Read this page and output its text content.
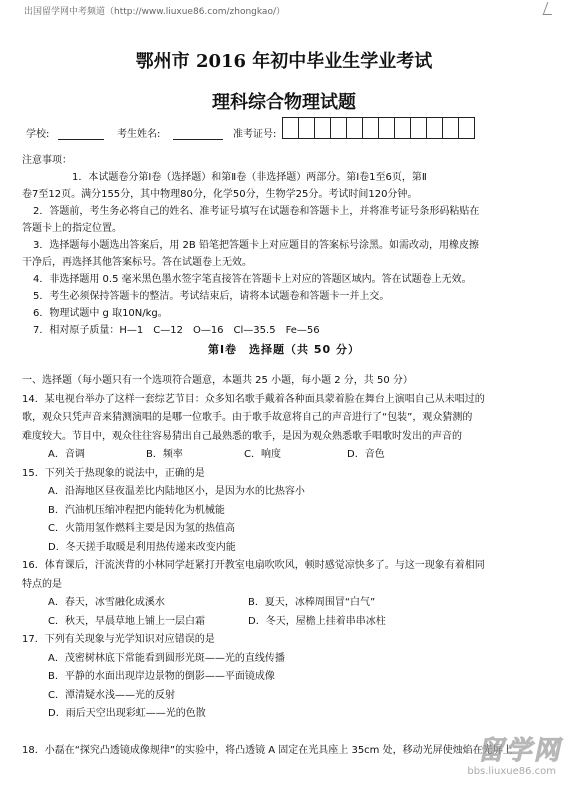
出国留学网中考频道（http://www.liuxue86.com/zhongkao/）
鄂州市 2016 年初中毕业生学业考试
理科综合物理试题
学校:	考生姓名:	准考证号:

注意事项：

1．本试题卷分第Ⅰ卷（选择题）和第Ⅱ卷（非选择题）两部分。第Ⅰ卷1至6页，第Ⅱ

卷7至12页。满分155分，其中物理80分，化学50分，生物学25分。考试时间120分钟。

2．答题前，考生务必将自己的姓名、准考证号填写在试题卷和答题卡上，并将准考证号条形码粘贴在

答题卡上的指定位置。

3．选择题每小题选出答案后，用 2B 铅笔把答题卡上对应题目的答案标号涂黑。如需改动，用橡皮擦

干净后，再选择其他答案标号。答在试题卷上无效。

4．非选择题用 0.5 毫米黑色墨水签字笔直接答在答题卡上对应的答题区域内。答在试题卷上无效。

5．考生必须保持答题卡的整洁。考试结束后，请将本试题卷和答题卡一并上交。

6．物理试题中 g 取10N/kg。

7．相对原子质量：H—1　C—12　O—16　Cl—35.5　Fe—56

第Ⅰ卷　选择题（共 50 分）

一、选择题（每小题只有一个选项符合题意，本题共 25 小题，每小题 2 分，共 50 分）

14．某电视台举办了这样一套综艺节目：众多知名歌手戴着各种面具蒙着脸在舞台上演唱自己从未唱过的

歌，观众只凭声音来猜测演唱的是哪一位歌手。由于歌手故意将自己的声音进行了“包装”，观众猜测的

难度较大。节目中，观众往往容易猜出自己最熟悉的歌手，是因为观众熟悉歌手唱歌时发出的声音的

A．音调	B．频率	C．响度	D．音色

15．下列关于热现象的说法中，正确的是

A．沿海地区昼夜温差比内陆地区小，是因为水的比热容小

B．汽油机压缩冲程把内能转化为机械能

C．火箭用氢作燃料主要是因为氢的热值高

D．冬天搓手取暖是利用热传递来改变内能

16．体育课后，汗流浃背的小林同学赶紧打开教室电扇吹吹风，顿时感觉凉快多了。与这一现象有着相同

特点的是

A．春天，冰雪融化成溪水	B．夏天，冰棒周围冒“白气”
C．秋天，早晨草地上铺上一层白霜	D．冬天，屋檐上挂着串串冰柱

17．下列有关现象与光学知识对应错误的是

A．茂密树林底下常能看到圆形光斑——光的直线传播

B．平静的水面出现岸边景物的倒影——平面镜成像

C．潭清疑水浅——光的反射

D．雨后天空出现彩虹——光的色散

18．小磊在“探究凸透镜成像规律”的实验中，将凸透镜 A 固定在光具座上 35cm 处，移动光屏使烛焰在光屏上

留学网
bbs.liuxue86.com
